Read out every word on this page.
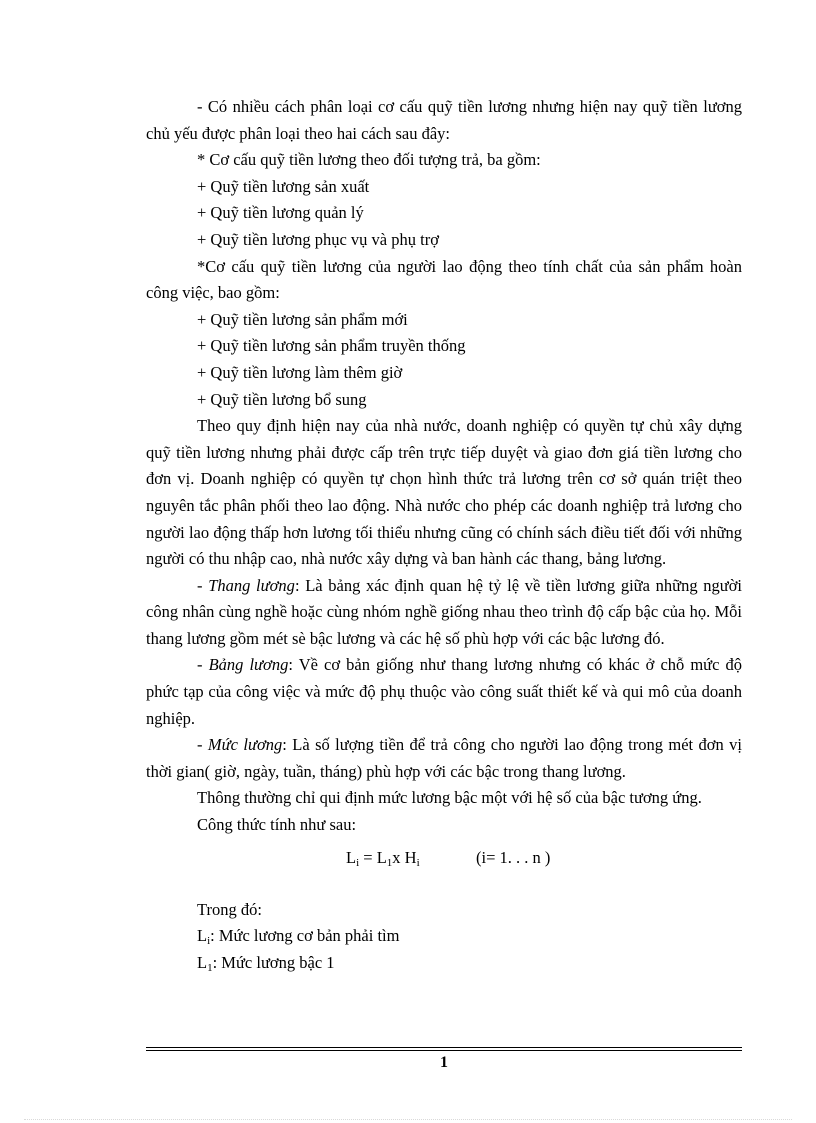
- Có nhiều cách phân loại cơ cấu quỹ tiền lương nhưng hiện nay quỹ tiền lương chủ yếu được phân loại theo hai cách sau đây:

* Cơ cấu quỹ tiền lương theo đối tượng trả, ba gồm:

+ Quỹ tiền lương sản xuất

+ Quỹ tiền lương quản lý

+ Quỹ tiền lương phục vụ và phụ trợ

*Cơ cấu quỹ tiền lương của người lao động theo tính chất của sản phẩm hoàn công việc, bao gồm:

+ Quỹ tiền lương sản phẩm mới

+ Quỹ tiền lương sản phẩm truyền thống

+ Quỹ tiền lương làm thêm giờ

+ Quỹ tiền lương bổ sung

Theo quy định hiện nay của nhà nước, doanh nghiệp có quyền tự chủ xây dựng quỹ tiền lương nhưng phải được cấp trên trực tiếp duyệt và giao đơn giá tiền lương cho đơn vị. Doanh nghiệp có quyền tự chọn hình thức trả lương trên cơ sở quán triệt theo nguyên tắc phân phối theo lao động. Nhà nước cho phép các doanh nghiệp trả lương cho người lao động thấp hơn lương tối thiểu nhưng cũng có chính sách điều tiết đối với những người có thu nhập cao, nhà nước xây dựng và ban hành các thang, bảng lương.

- Thang lương: Là bảng xác định quan hệ tỷ lệ về tiền lương giữa những người công nhân cùng nghề hoặc cùng nhóm nghề giống nhau theo trình độ cấp bậc của họ. Mỗi thang lương gồm mét sè bậc lương và các hệ số phù hợp với các bậc lương đó.

- Bảng lương: Về cơ bản giống như thang lương nhưng có khác ở chỗ mức độ phức tạp của công việc và mức độ phụ thuộc vào công suất thiết kế và qui mô của doanh nghiệp.

- Mức lương: Là số lượng tiền để trả công cho người lao động trong mét đơn vị thời gian( giờ, ngày, tuần, tháng) phù hợp với các bậc trong thang lương.

Thông thường chỉ qui định mức lương bậc một với hệ số của bậc tương ứng.

Công thức tính như sau:

$L_i = L_1x$ $H_i$	(i= 1. . . n )

Trong đó:

$L_i$: Mức lương cơ bản phải tìm

$L_1$: Mức lương bậc 1

1
